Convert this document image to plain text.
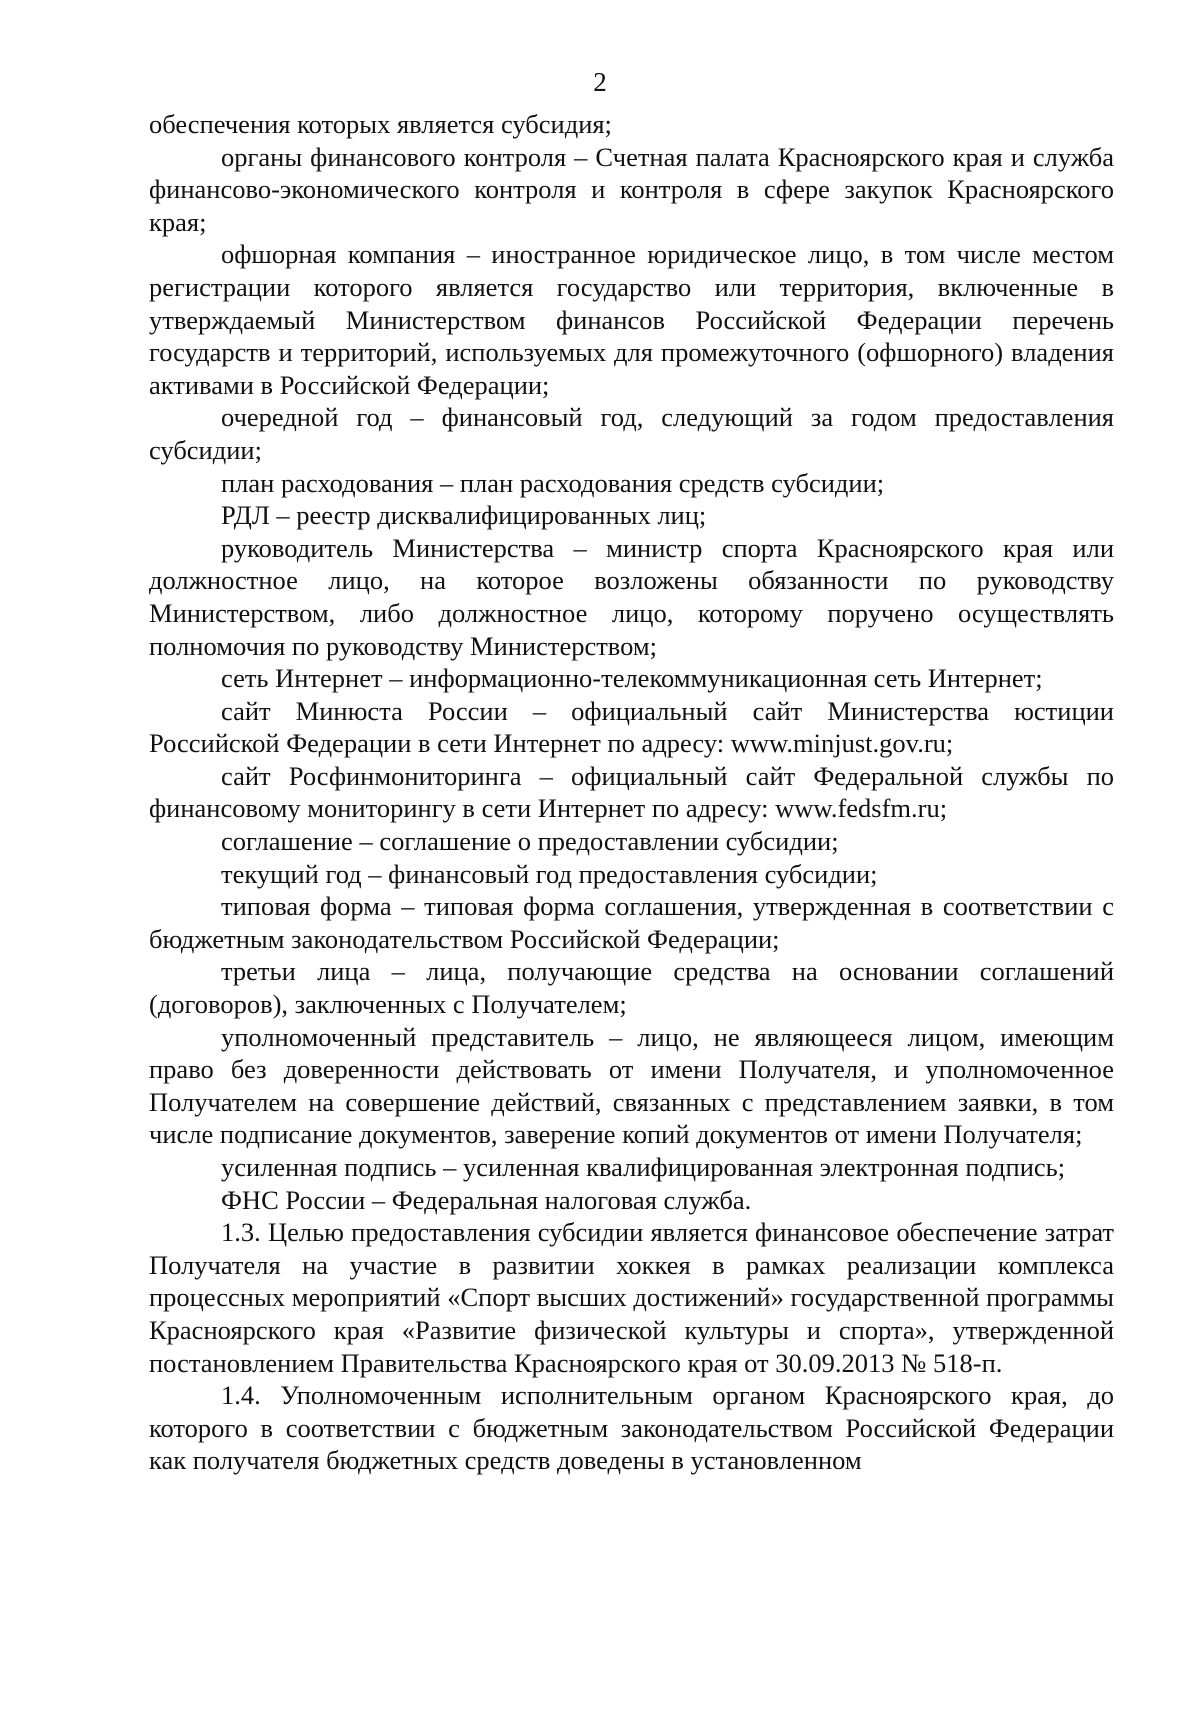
2

обеспечения которых является субсидия;

органы финансового контроля – Счетная палата Красноярского края и служба финансово-экономического контроля и контроля в сфере закупок Красноярского края;

офшорная компания – иностранное юридическое лицо, в том числе местом регистрации которого является государство или территория, включенные в утверждаемый Министерством финансов Российской Федерации перечень государств и территорий, используемых для промежуточного (офшорного) владения активами в Российской Федерации;

очередной год – финансовый год, следующий за годом предоставления субсидии;

план расходования – план расходования средств субсидии;

РДЛ – реестр дисквалифицированных лиц;

руководитель Министерства – министр спорта Красноярского края или должностное лицо, на которое возложены обязанности по руководству Министерством, либо должностное лицо, которому поручено осуществлять полномочия по руководству Министерством;

сеть Интернет – информационно-телекоммуникационная сеть Интернет;

сайт Минюста России – официальный сайт Министерства юстиции Российской Федерации в сети Интернет по адресу: www.minjust.gov.ru;

сайт Росфинмониторинга – официальный сайт Федеральной службы по финансовому мониторингу в сети Интернет по адресу: www.fedsfm.ru;

соглашение – соглашение о предоставлении субсидии;

текущий год – финансовый год предоставления субсидии;

типовая форма – типовая форма соглашения, утвержденная в соответствии с бюджетным законодательством Российской Федерации;

третьи лица – лица, получающие средства на основании соглашений (договоров), заключенных с Получателем;

уполномоченный представитель – лицо, не являющееся лицом, имеющим право без доверенности действовать от имени Получателя, и уполномоченное Получателем на совершение действий, связанных с представлением заявки, в том числе подписание документов, заверение копий документов от имени Получателя;

усиленная подпись – усиленная квалифицированная электронная подпись;

ФНС России – Федеральная налоговая служба.

1.3. Целью предоставления субсидии является финансовое обеспечение затрат Получателя на участие в развитии хоккея в рамках реализации комплекса процессных мероприятий «Спорт высших достижений» государственной программы Красноярского края «Развитие физической культуры и спорта», утвержденной постановлением Правительства Красноярского края от 30.09.2013 № 518-п.

1.4. Уполномоченным исполнительным органом Красноярского края, до которого в соответствии с бюджетным законодательством Российской Федерации как получателя бюджетных средств доведены в установленном
